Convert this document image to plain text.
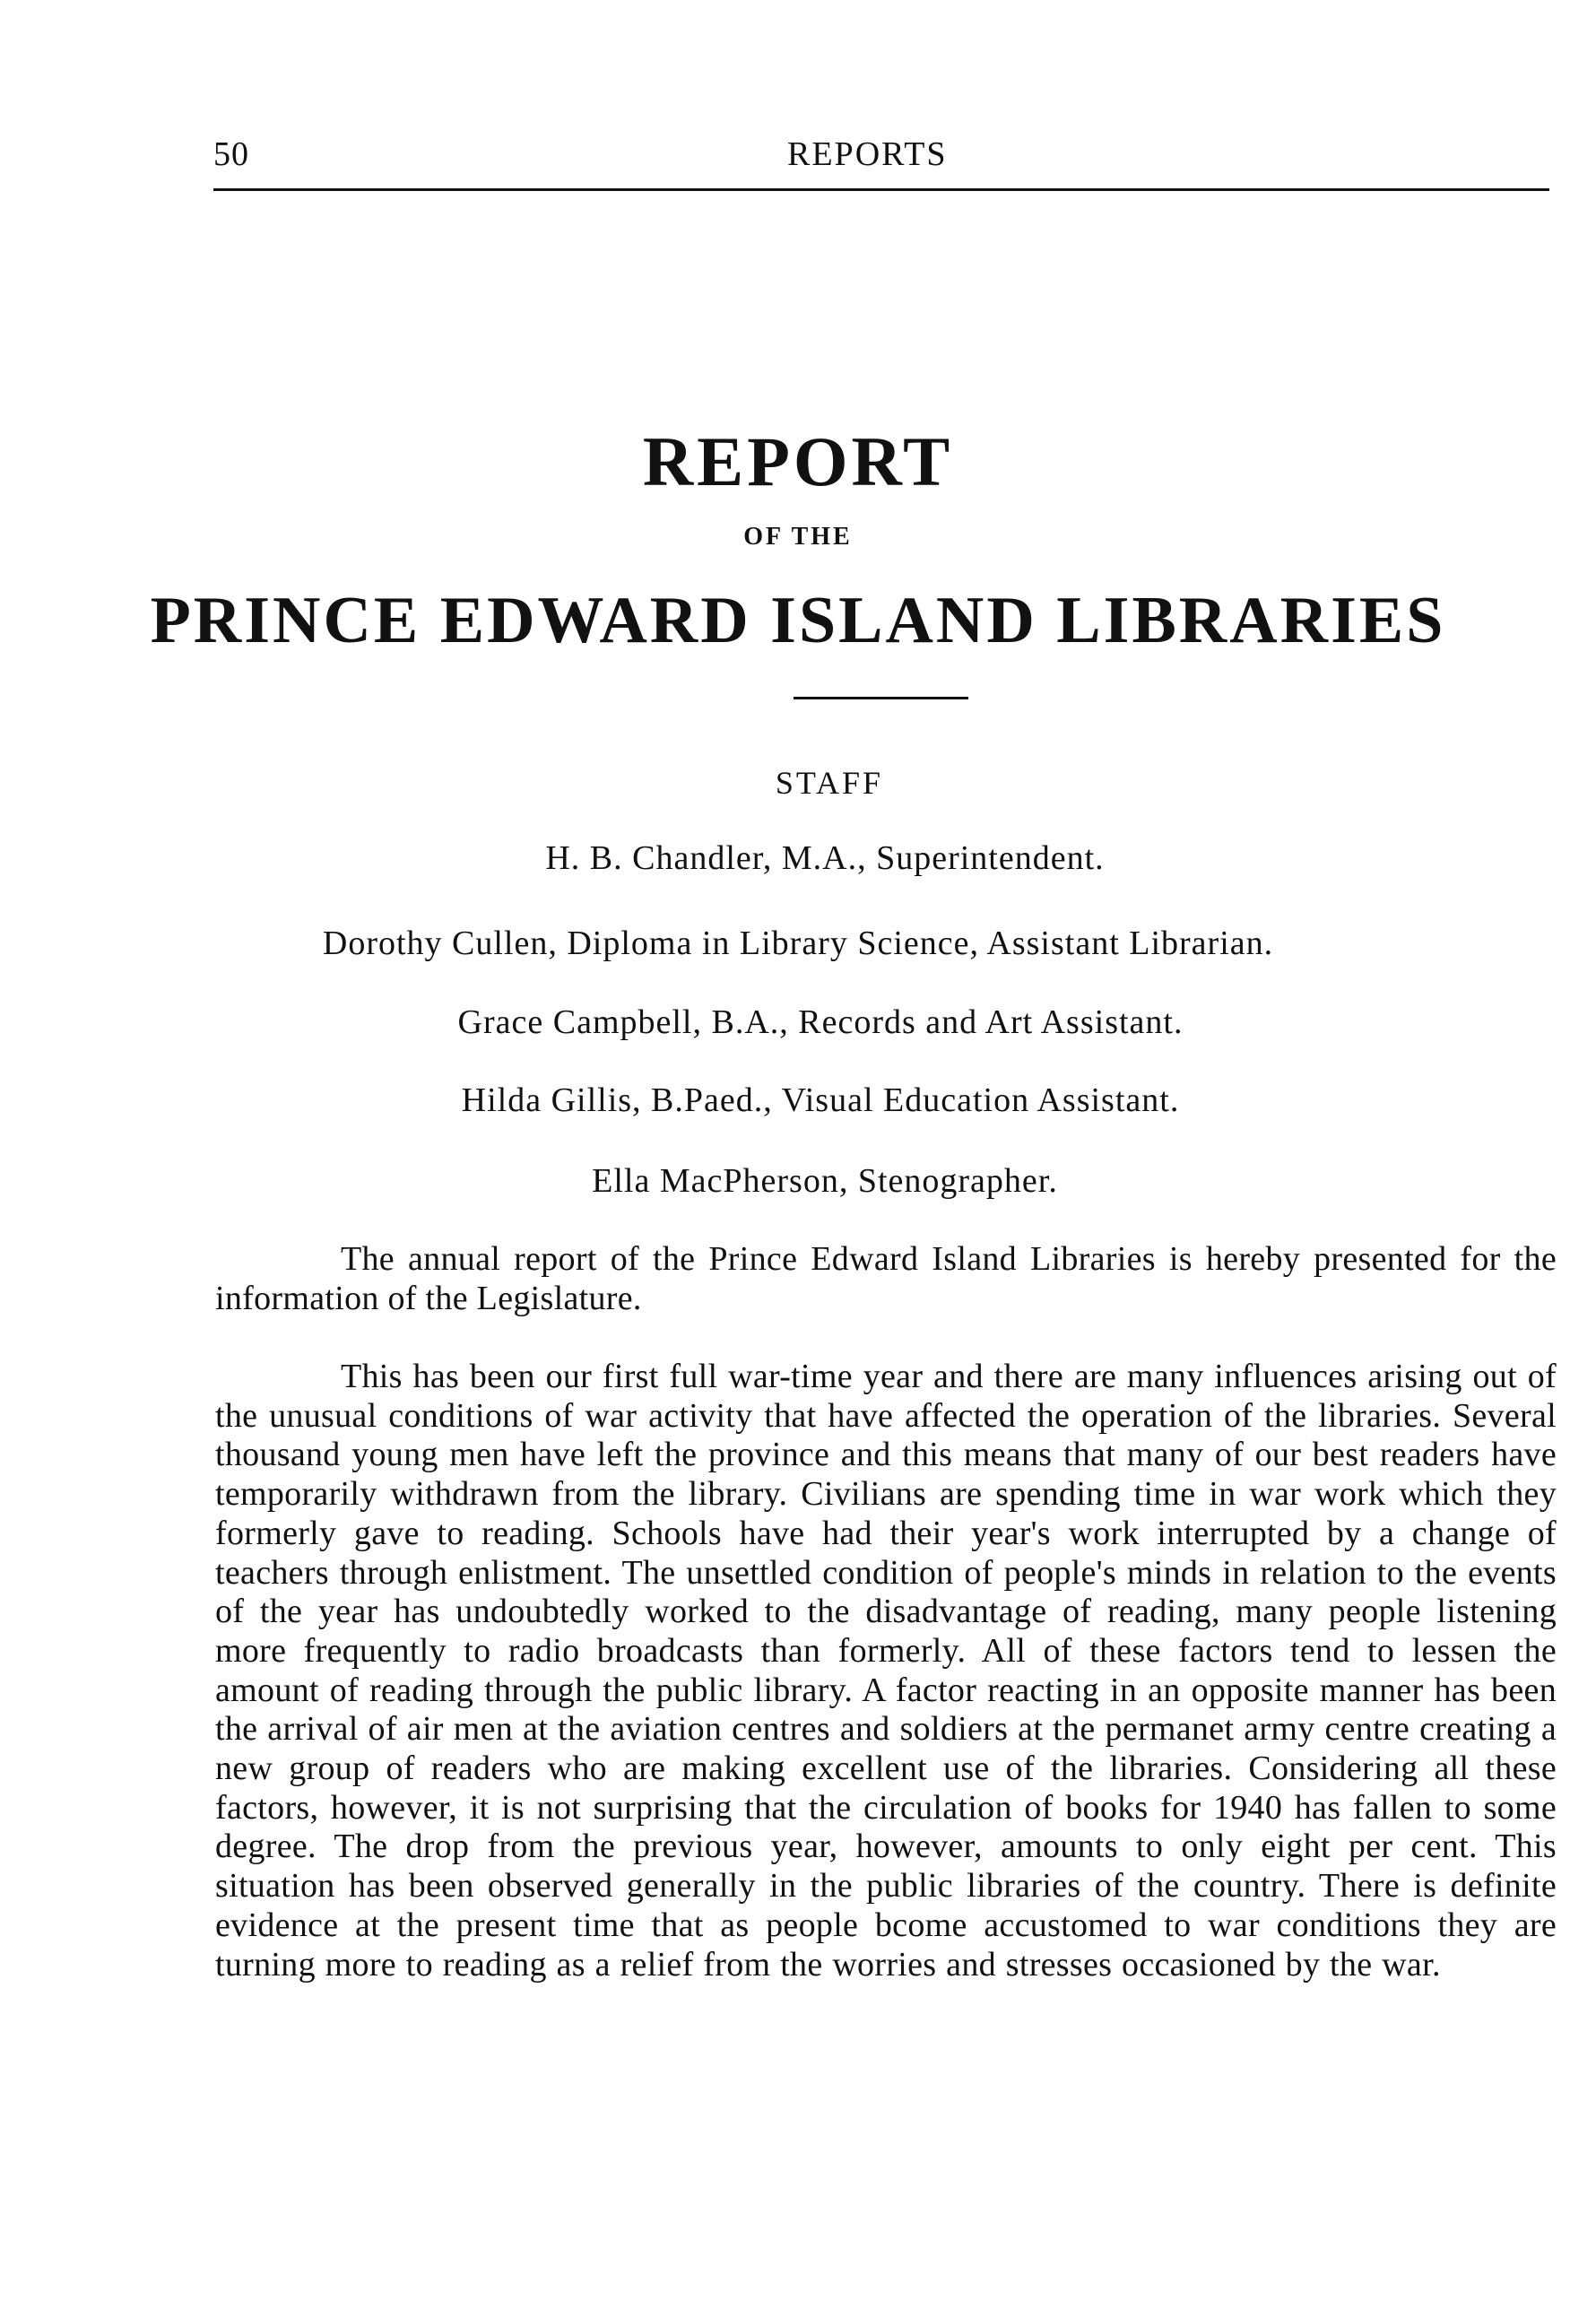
50	REPORTS
REPORT
OF THE
PRINCE EDWARD ISLAND LIBRARIES
STAFF
H. B. Chandler, M.A., Superintendent.
Dorothy Cullen, Diploma in Library Science, Assistant Librarian.
Grace Campbell, B.A., Records and Art Assistant.
Hilda Gillis, B.Paed., Visual Education Assistant.
Ella MacPherson, Stenographer.

The annual report of the Prince Edward Island Libraries is hereby presented for the information of the Legislature.

This has been our first full war-time year and there are many influences arising out of the unusual conditions of war activity that have affected the operation of the libraries. Several thousand young men have left the province and this means that many of our best readers have temporarily withdrawn from the library. Civilians are spending time in war work which they formerly gave to reading. Schools have had their year's work interrupted by a change of teachers through enlistment. The unsettled condition of people's minds in relation to the events of the year has undoubtedly worked to the disadvantage of reading, many people listening more frequently to radio broadcasts than formerly. All of these factors tend to lessen the amount of reading through the public library. A factor reacting in an opposite manner has been the arrival of air men at the aviation centres and soldiers at the permanet army centre creating a new group of readers who are making excellent use of the libraries. Considering all these factors, however, it is not surprising that the circulation of books for 1940 has fallen to some degree. The drop from the previous year, however, amounts to only eight per cent. This situation has been observed generally in the public libraries of the country. There is definite evidence at the present time that as people bcome accustomed to war conditions they are turning more to reading as a relief from the worries and stresses occasioned by the war.
